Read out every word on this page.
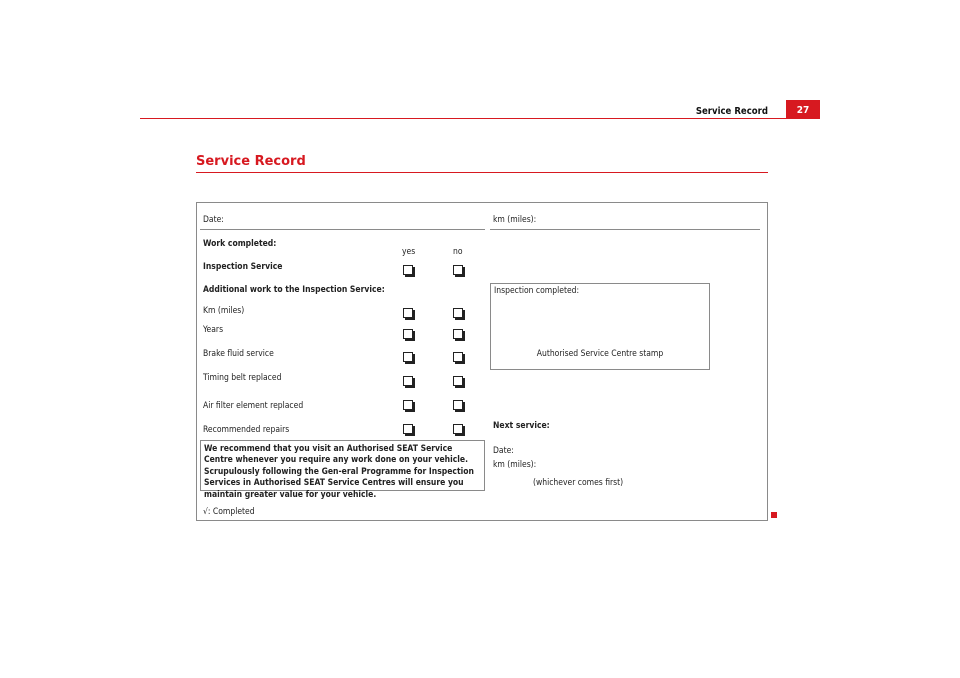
Service Record	27
Service Record
Date:
Work completed:
yes	no
Inspection Service
Additional work to the Inspection Service:
Km (miles)
Years
Brake fluid service
Timing belt replaced
Air filter element replaced
Recommended repairs
We recommend that you visit an Authorised SEAT Service Centre whenever you require any work done on your vehicle. Scrupulously following the Gen-eral Programme for Inspection Services in Authorised SEAT Service Centres will ensure you maintain greater value for your vehicle.
√: Completed
km (miles):
Inspection completed:
Authorised Service Centre stamp
Next service:
Date:
km (miles):
(whichever comes first)
